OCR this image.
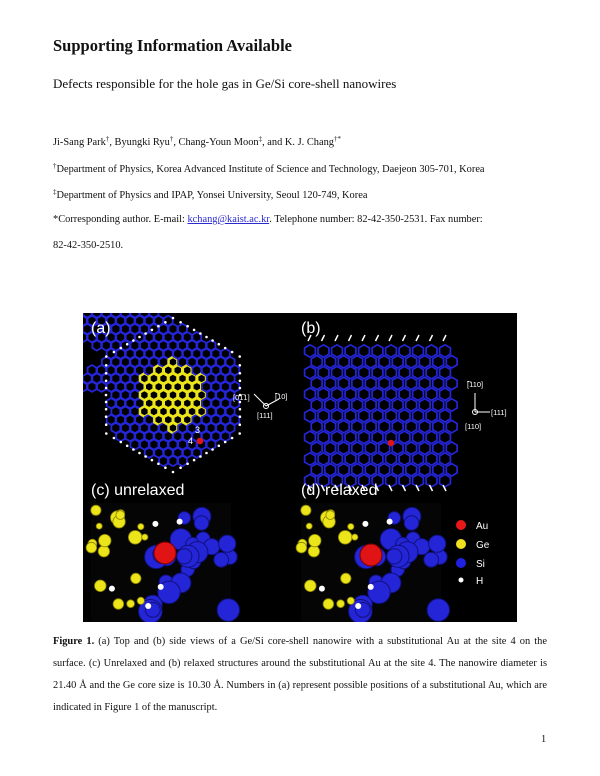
Supporting Information Available
Defects responsible for the hole gas in Ge/Si core-shell nanowires
Ji-Sang Park†, Byungki Ryu†, Chang-Youn Moon‡, and K. J. Chang†*
†Department of Physics, Korea Advanced Institute of Science and Technology, Daejeon 305-701, Korea
‡Department of Physics and IPAP, Yonsei University, Seoul 120-749, Korea
*Corresponding author. E-mail: kchang@kaist.ac.kr. Telephone number: 82-42-350-2531. Fax number:
82-42-350-2510.
(a)	(b)
(c) unrelaxed	(d) relaxed
3
4
[01̅1]	[̅10]
[111]
[̅110]
[111]
[110]
Au
Ge
Si
H
Figure 1. (a) Top and (b) side views of a Ge/Si core-shell nanowire with a substitutional Au at the site 4 on the surface. (c) Unrelaxed and (b) relaxed structures around the substitutional Au at the site 4. The nanowire diameter is 21.40 Å and the Ge core size is 10.30 Å. Numbers in (a) represent possible positions of a substitutional Au, which are indicated in Figure 1 of the manuscript.
1
